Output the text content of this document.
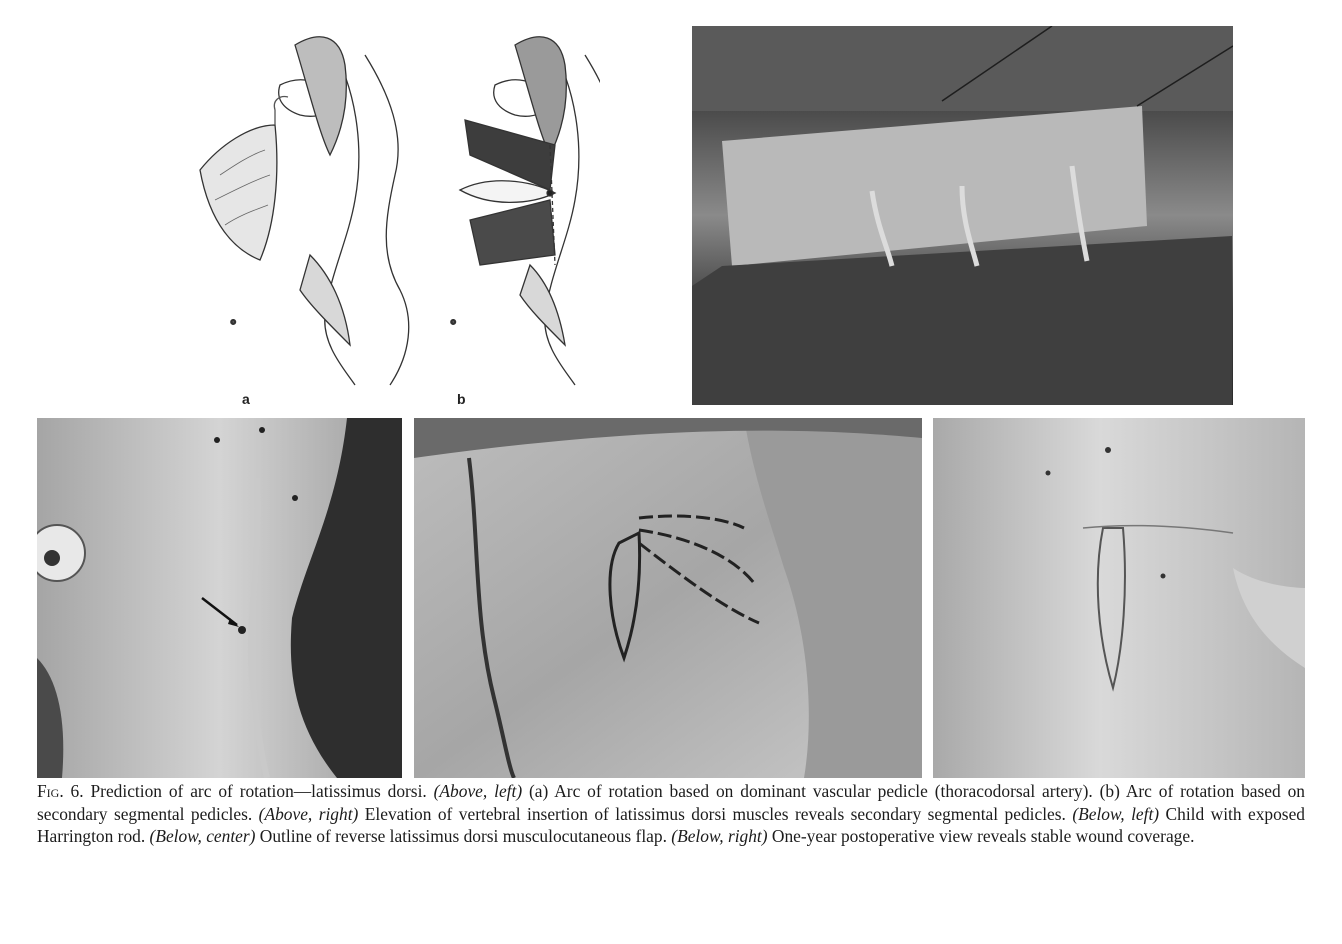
©	©
a	b
Fig. 6. Prediction of arc of rotation—latissimus dorsi. (Above, left) (a) Arc of rotation based on dominant vascular pedicle (thoracodorsal artery). (b) Arc of rotation based on secondary segmental pedicles. (Above, right) Elevation of vertebral insertion of latissimus dorsi muscles reveals secondary segmental pedicles. (Below, left) Child with exposed Harrington rod. (Below, center) Outline of reverse latissimus dorsi musculocutaneous flap. (Below, right) One-year postoperative view reveals stable wound coverage.
